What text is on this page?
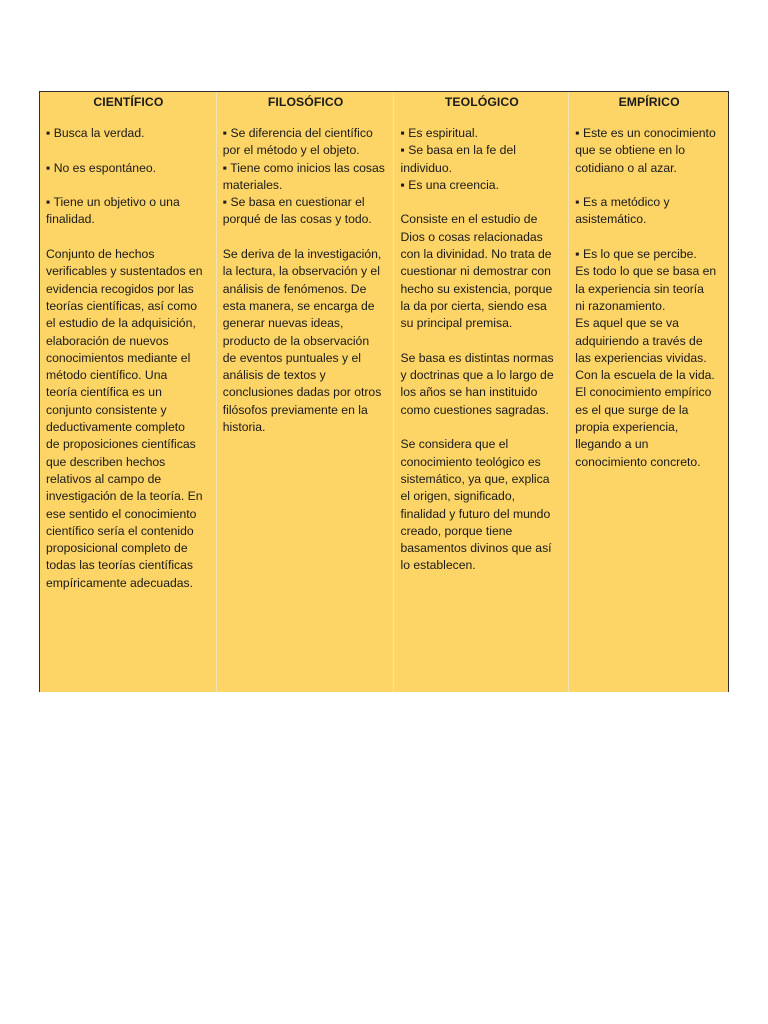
CIENTÍFICO

▪ Busca la verdad.

▪ No es espontáneo.

▪ Tiene un objetivo o una
finalidad.

Conjunto de hechos
verificables y sustentados en
evidencia recogidos por las
teorías científicas, así como
el estudio de la adquisición,
elaboración de nuevos
conocimientos mediante el
método científico. Una
teoría científica es un
conjunto consistente y
deductivamente completo
de proposiciones científicas
que describen hechos
relativos al campo de
investigación de la teoría. En
ese sentido el conocimiento
científico sería el contenido
proposicional completo de
todas las teorías científicas
empíricamente adecuadas.

FILOSÓFICO

▪ Se diferencia del científico
por el método y el objeto.
▪ Tiene como inicios las cosas
materiales.
▪ Se basa en cuestionar el
porqué de las cosas y todo.

Se deriva de la investigación,
la lectura, la observación y el
análisis de fenómenos. De
esta manera, se encarga de
generar nuevas ideas,
producto de la observación
de eventos puntuales y el
análisis de textos y
conclusiones dadas por otros
filósofos previamente en la
historia.

TEOLÓGICO

▪ Es espiritual.
▪ Se basa en la fe del
individuo.
▪ Es una creencia.

Consiste en el estudio de
Dios o cosas relacionadas
con la divinidad. No trata de
cuestionar ni demostrar con
hecho su existencia, porque
la da por cierta, siendo esa
su principal premisa.

Se basa es distintas normas
y doctrinas que a lo largo de
los años se han instituido
como cuestiones sagradas.

Se considera que el
conocimiento teológico es
sistemático, ya que, explica
el origen, significado,
finalidad y futuro del mundo
creado, porque tiene
basamentos divinos que así
lo establecen.

EMPÍRICO

▪ Este es un conocimiento
que se obtiene en lo
cotidiano o al azar.

▪ Es a metódico y
asistemático.

▪ Es lo que se percibe.
Es todo lo que se basa en
la experiencia sin teoría
ni razonamiento.
Es aquel que se va
adquiriendo a través de
las experiencias vividas.
Con la escuela de la vida.
El conocimiento empírico
es el que surge de la
propia experiencia,
llegando a un
conocimiento concreto.
